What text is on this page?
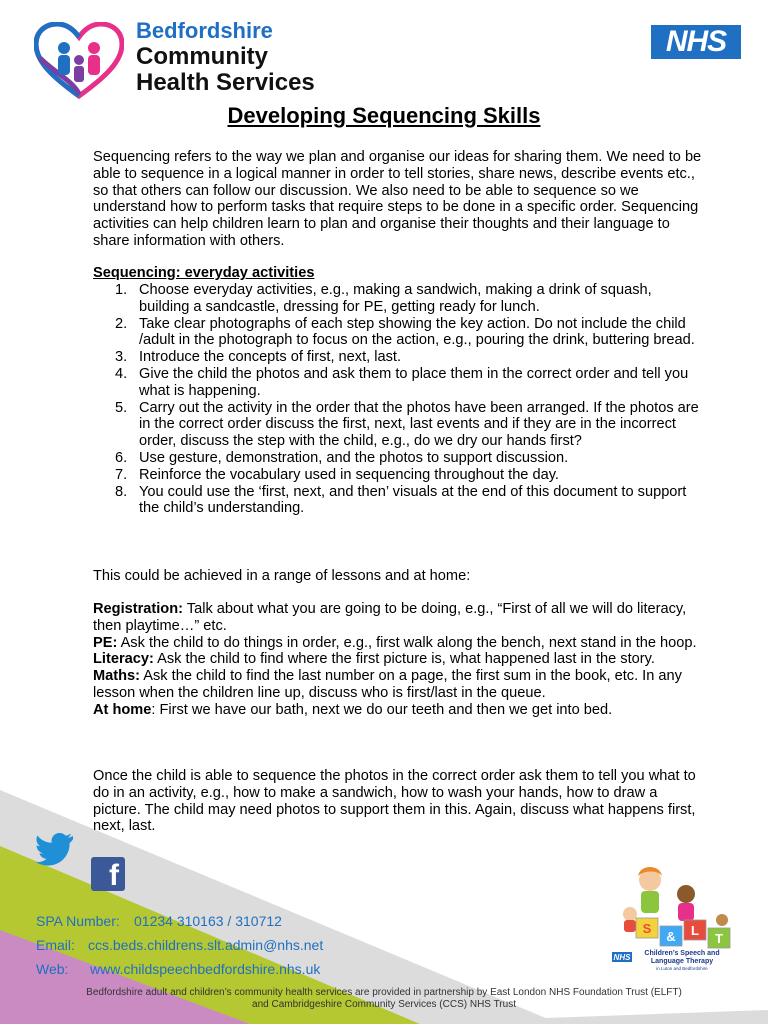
Bedfordshire
Community
Health Services
NHS
Developing Sequencing Skills
Sequencing refers to the way we plan and organise our ideas for sharing them. We need to be able to sequence in a logical manner in order to tell stories, share news, describe events etc., so that others can follow our discussion. We also need to be able to sequence so we understand how to perform tasks that require steps to be done in a specific order. Sequencing activities can help children learn to plan and organise their thoughts and their language to share information with others.
Sequencing: everyday activities
1. Choose everyday activities, e.g., making a sandwich, making a drink of squash, building a sandcastle, dressing for PE, getting ready for lunch.
2. Take clear photographs of each step showing the key action. Do not include the child /adult in the photograph to focus on the action, e.g., pouring the drink, buttering bread.
3. Introduce the concepts of first, next, last.
4. Give the child the photos and ask them to place them in the correct order and tell you what is happening.
5. Carry out the activity in the order that the photos have been arranged. If the photos are in the correct order discuss the first, next, last events and if they are in the incorrect order, discuss the step with the child, e.g., do we dry our hands first?
6. Use gesture, demonstration, and the photos to support discussion.
7. Reinforce the vocabulary used in sequencing throughout the day.
8. You could use the ‘first, next, and then’ visuals at the end of this document to support the child’s understanding.
This could be achieved in a range of lessons and at home:
Registration: Talk about what you are going to be doing, e.g., “First of all we will do literacy, then playtime…” etc.
PE: Ask the child to do things in order, e.g., first walk along the bench, next stand in the hoop.
Literacy: Ask the child to find where the first picture is, what happened last in the story.
Maths: Ask the child to find the last number on a page, the first sum in the book, etc. In any lesson when the children line up, discuss who is first/last in the queue.
At home: First we have our bath, next we do our teeth and then we get into bed.
Once the child is able to sequence the photos in the correct order ask them to tell you what to do in an activity, e.g., how to make a sandwich, how to wash your hands, how to draw a picture. The child may need photos to support them in this. Again, discuss what happens first, next, last.
f
SPA Number: 01234 310163 / 310712
Email: ccs.beds.childrens.slt.admin@nhs.net
Web: www.childspeechbedfordshire.nhs.uk
Bedfordshire adult and children’s community health services are provided in partnership by East London NHS Foundation Trust (ELFT)
and Cambridgeshire Community Services (CCS) NHS Trust
S
& L
T
NHS Children’s Speech and
Language Therapy
in Luton and Bedfordshire
